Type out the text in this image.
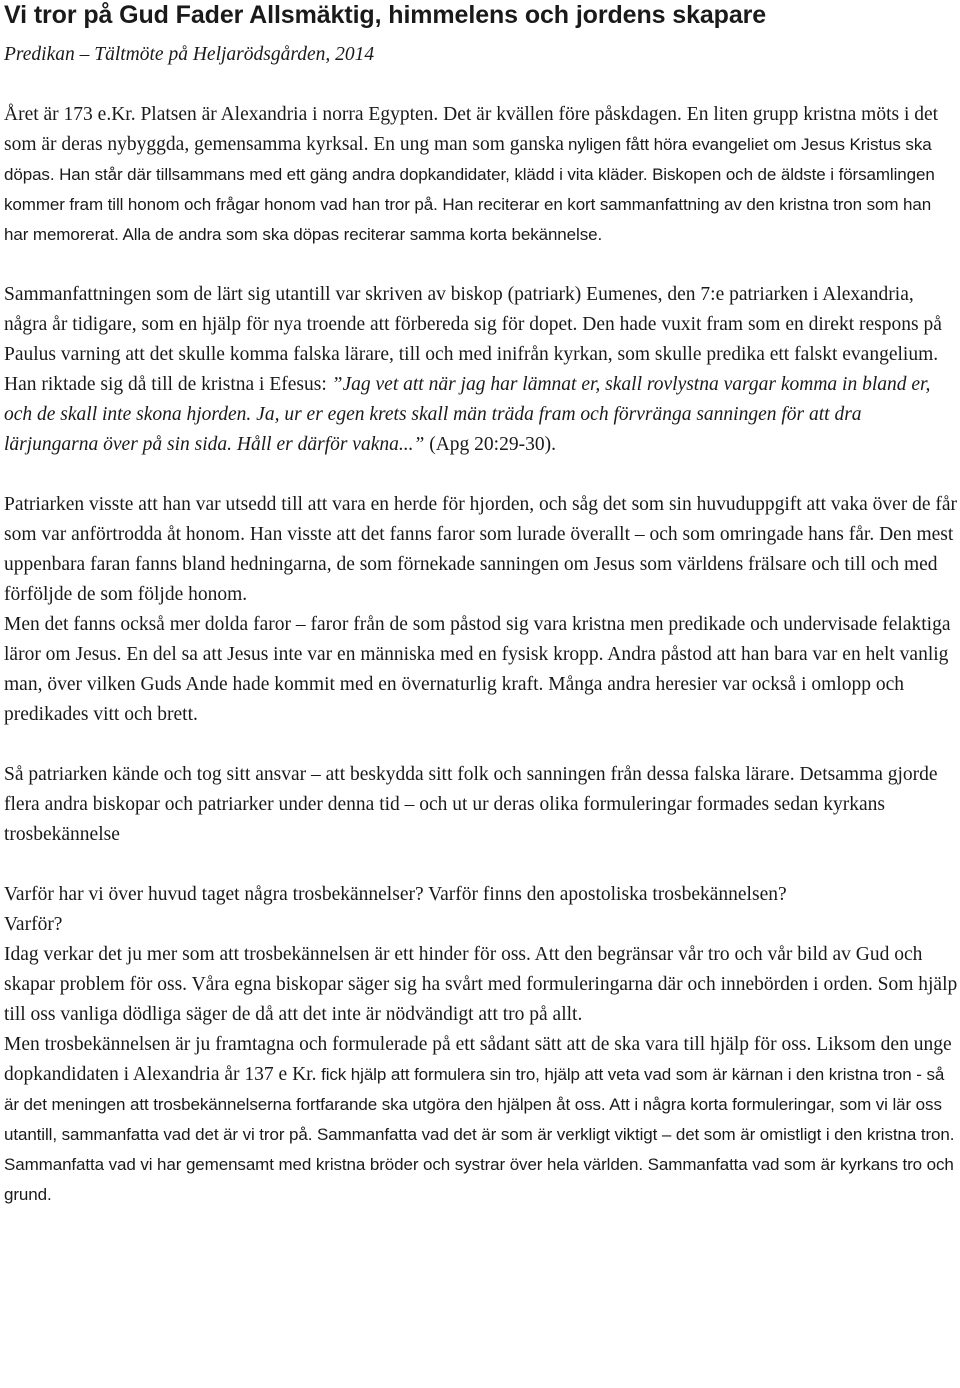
Vi tror på Gud Fader Allsmäktig, himmelens och jordens skapare

Predikan – Tältmöte på Heljarödsgården, 2014

Året är 173 e.Kr. Platsen är Alexandria i norra Egypten. Det är kvällen före påskdagen. En liten grupp kristna möts i det som är deras nybyggda, gemensamma kyrksal. En ung man som ganska nyligen fått höra evangeliet om Jesus Kristus ska döpas. Han står där tillsammans med ett gäng andra dopkandidater, klädd i vita kläder. Biskopen och de äldste i församlingen kommer fram till honom och frågar honom vad han tror på. Han reciterar en kort sammanfattning av den kristna tron som han har memorerat. Alla de andra som ska döpas reciterar samma korta bekännelse.

Sammanfattningen som de lärt sig utantill var skriven av biskop (patriark) Eumenes, den 7:e patriarken i Alexandria, några år tidigare, som en hjälp för nya troende att förbereda sig för dopet. Den hade vuxit fram som en direkt respons på Paulus varning att det skulle komma falska lärare, till och med inifrån kyrkan, som skulle predika ett falskt evangelium. Han riktade sig då till de kristna i Efesus: ”Jag vet att när jag har lämnat er, skall rovlystna vargar komma in bland er, och de skall inte skona hjorden. Ja, ur er egen krets skall män träda fram och förvränga sanningen för att dra lärjungarna över på sin sida. Håll er därför vakna...” (Apg 20:29-30).

Patriarken visste att han var utsedd till att vara en herde för hjorden, och såg det som sin huvuduppgift att vaka över de får som var anförtrodda åt honom. Han visste att det fanns faror som lurade överallt – och som omringade hans får. Den mest uppenbara faran fanns bland hedningarna, de som förnekade sanningen om Jesus som världens frälsare och till och med förföljde de som följde honom.

Men det fanns också mer dolda faror – faror från de som påstod sig vara kristna men predikade och undervisade felaktiga läror om Jesus. En del sa att Jesus inte var en människa med en fysisk kropp. Andra påstod att han bara var en helt vanlig man, över vilken Guds Ande hade kommit med en övernaturlig kraft. Många andra heresier var också i omlopp och predikades vitt och brett.

Så patriarken kände och tog sitt ansvar – att beskydda sitt folk och sanningen från dessa falska lärare. Detsamma gjorde flera andra biskopar och patriarker under denna tid – och ut ur deras olika formuleringar formades sedan kyrkans trosbekännelse

Varför har vi över huvud taget några trosbekännelser? Varför finns den apostoliska trosbekännelsen?

Varför?

Idag verkar det ju mer som att trosbekännelsen är ett hinder för oss. Att den begränsar vår tro och vår bild av Gud och skapar problem för oss. Våra egna biskopar säger sig ha svårt med formuleringarna där och innebörden i orden. Som hjälp till oss vanliga dödliga säger de då att det inte är nödvändigt att tro på allt.

Men trosbekännelsen är ju framtagna och formulerade på ett sådant sätt att de ska vara till hjälp för oss. Liksom den unge dopkandidaten i Alexandria år 137 e Kr. fick hjälp att formulera sin tro, hjälp att veta vad som är kärnan i den kristna tron - så är det meningen att trosbekännelserna fortfarande ska utgöra den hjälpen åt oss. Att i några korta formuleringar, som vi lär oss utantill, sammanfatta vad det är vi tror på. Sammanfatta vad det är som är verkligt viktigt – det som är omistligt i den kristna tron. Sammanfatta vad vi har gemensamt med kristna bröder och systrar över hela världen. Sammanfatta vad som är kyrkans tro och grund.
